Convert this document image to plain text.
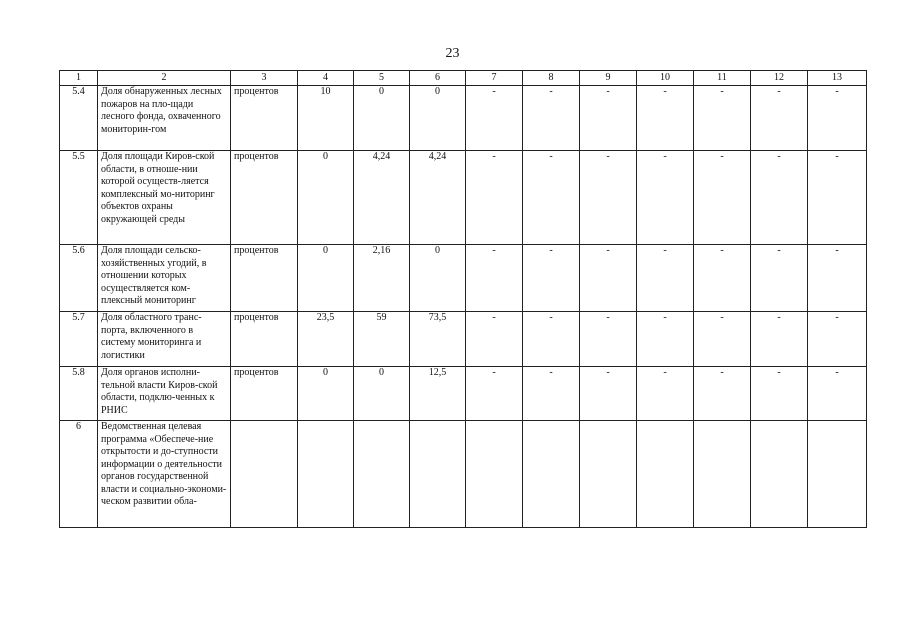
23
1	2	3	4	5	6	7	8	9	10	11	12	13
5.4	Доля обнаруженных лесных пожаров на пло-щади лесного фонда, охваченного мониторин-гом	процентов	10	0	0	-	-	-	-	-	-	-
5.5	Доля площади Киров-ской области, в отноше-нии которой осуществ-ляется комплексный мо-ниторинг объектов охраны окружающей среды	процентов	0	4,24	4,24	-	-	-	-	-	-	-
5.6	Доля площади сельско-хозяйственных угодий, в отношении которых осуществляется ком-плексный мониторинг	процентов	0	2,16	0	-	-	-	-	-	-	-
5.7	Доля областного транс-порта, включенного в систему мониторинга и логистики	процентов	23,5	59	73,5	-	-	-	-	-	-	-
5.8	Доля органов исполни-тельной власти Киров-ской области, подклю-ченных к РНИС	процентов	0	0	12,5	-	-	-	-	-	-	-
6	Ведомственная целевая программа «Обеспече-ние открытости и до-ступности информации о деятельности органов государственной власти и социально-экономи-ческом развитии обла-											
